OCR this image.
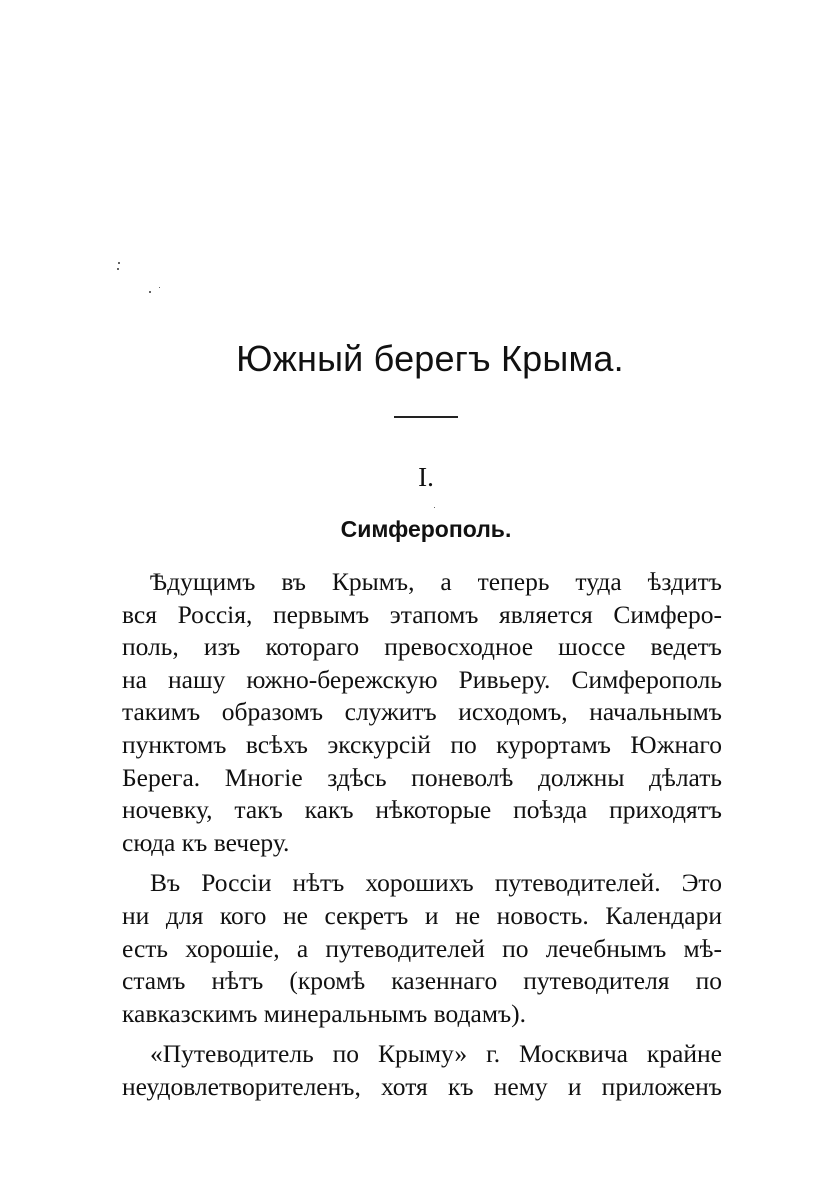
Южный берегъ Крыма.

I.

Симферополь.

Ѣдущимъ въ Крымъ, а теперь туда ѣздитъ
вся Россія, первымъ этапомъ является Симферо-
поль, изъ котораго превосходное шоссе ведетъ
на нашу южно-бережскую Ривьеру. Симферополь
такимъ образомъ служитъ исходомъ, начальнымъ
пунктомъ всѣхъ экскурсій по курортамъ Южнаго
Берега. Многіе здѣсь поневолѣ должны дѣлать
ночевку, такъ какъ нѣкоторые поѣзда приходятъ
сюда къ вечеру.

Въ Россіи нѣтъ хорошихъ путеводителей. Это
ни для кого не секретъ и не новость. Календари
есть хорошіе, а путеводителей по лечебнымъ мѣ-
стамъ нѣтъ (кромѣ казеннаго путеводителя по
кавказскимъ минеральнымъ водамъ).

«Путеводитель по Крыму» г. Москвича крайне
неудовлетворителенъ, хотя къ нему и приложенъ
